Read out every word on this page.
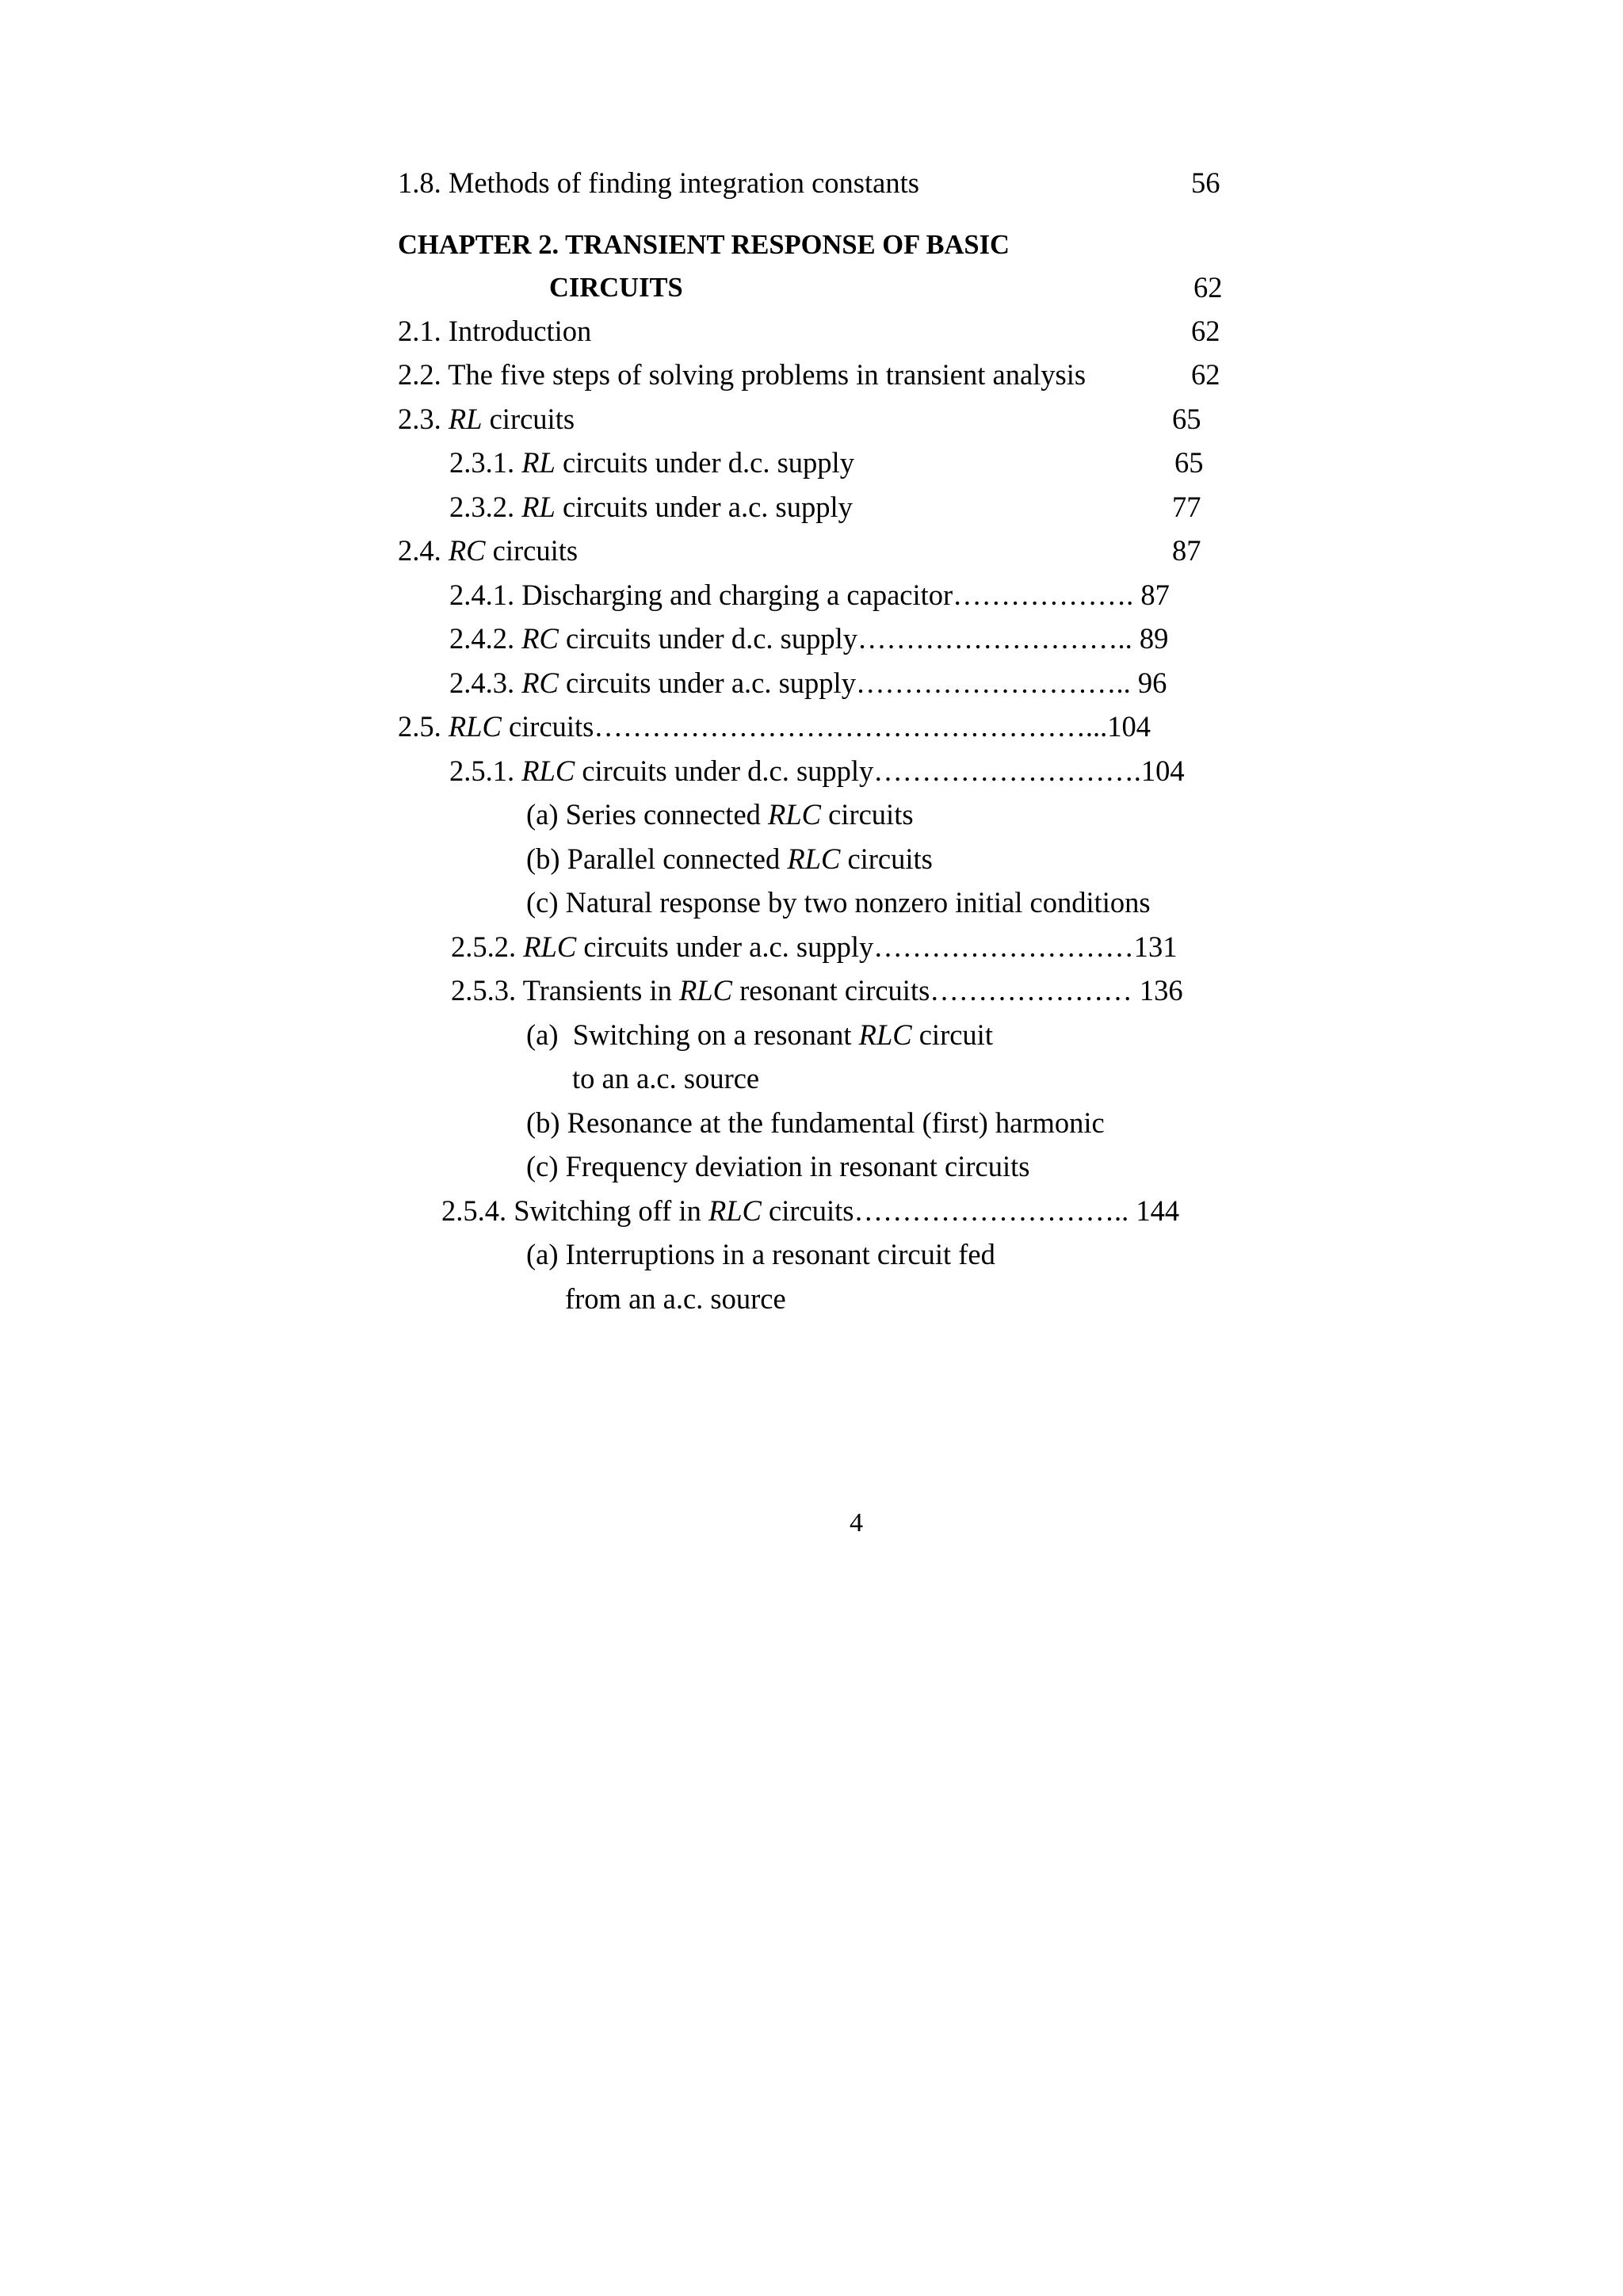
1.8. Methods of finding integration constants	56
CHAPTER 2. TRANSIENT RESPONSE OF BASIC
CIRCUITS	62
2.1. Introduction	62
2.2. The five steps of solving problems in transient analysis	62
2.3. RL circuits	65
2.3.1. RL circuits under d.c. supply	65
2.3.2. RL circuits under a.c. supply	77
2.4. RC circuits	87
2.4.1. Discharging and charging a capacitor………………. 87
2.4.2. RC circuits under d.c. supply……………………….. 89
2.4.3. RC circuits under a.c. supply……………………….. 96
2.5. RLC circuits……………………………………………...104
2.5.1. RLC circuits under d.c. supply……………………….104
(a) Series connected RLC circuits
(b) Parallel connected RLC circuits
(c) Natural response by two nonzero initial conditions
2.5.2. RLC circuits under a.c. supply………………………131
2.5.3. Transients in RLC resonant circuits………………… 136
(a)  Switching on a resonant RLC circuit
to an a.c. source
(b) Resonance at the fundamental (first) harmonic
(c) Frequency deviation in resonant circuits
2.5.4. Switching off in RLC circuits……………………….. 144
(a) Interruptions in a resonant circuit fed
from an a.c. source
4
